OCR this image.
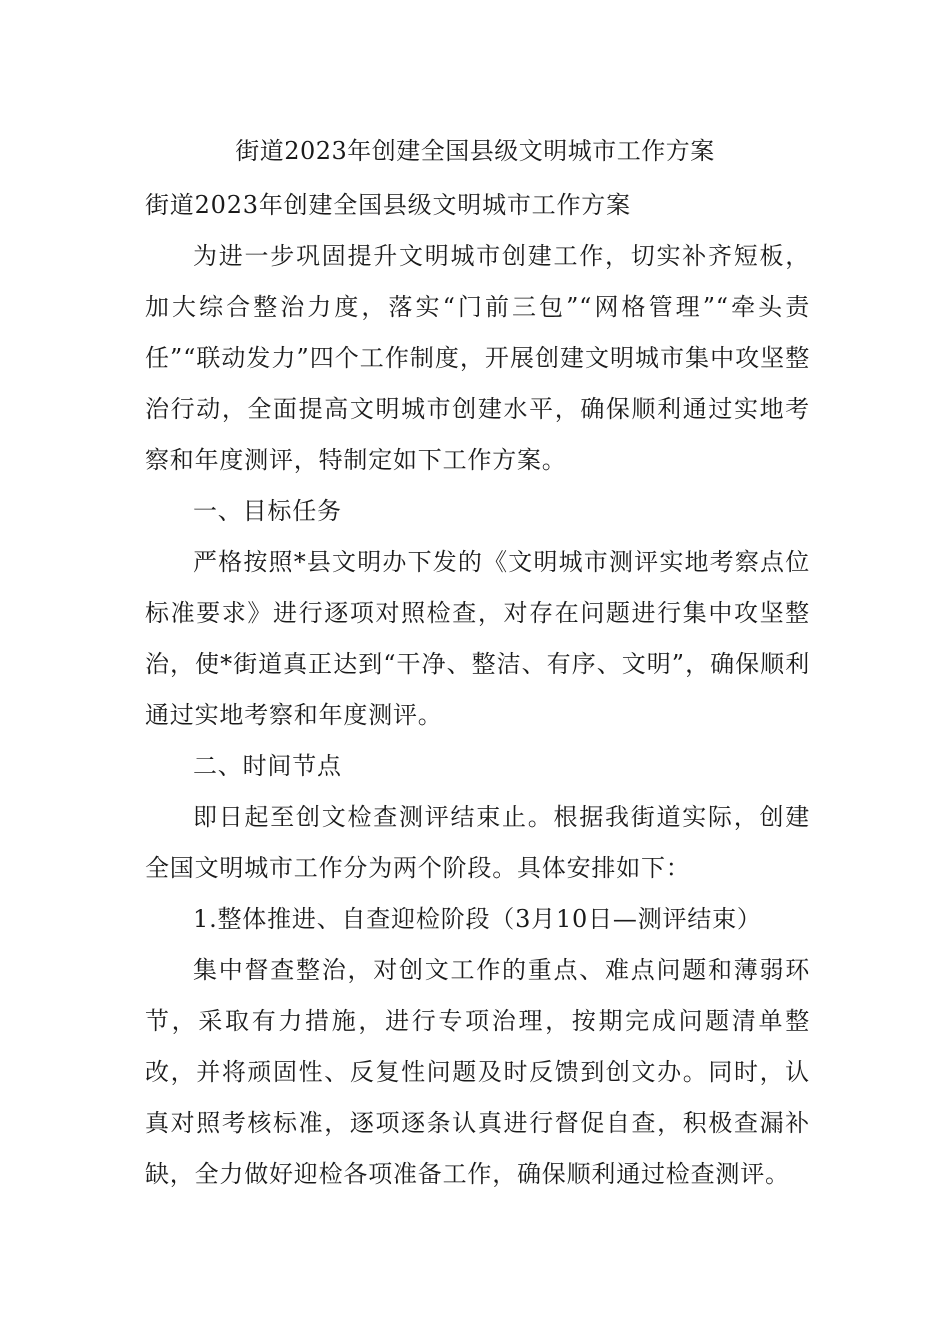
街道2023年创建全国县级文明城市工作方案

街道2023年创建全国县级文明城市工作方案

为进一步巩固提升文明城市创建工作，切实补齐短板，加大综合整治力度，落实“门前三包”“网格管理”“牵头责任”“联动发力”四个工作制度，开展创建文明城市集中攻坚整治行动，全面提高文明城市创建水平，确保顺利通过实地考察和年度测评，特制定如下工作方案。

一、目标任务

严格按照*县文明办下发的《文明城市测评实地考察点位标准要求》进行逐项对照检查，对存在问题进行集中攻坚整治，使*街道真正达到“干净、整洁、有序、文明”，确保顺利通过实地考察和年度测评。

二、时间节点

即日起至创文检查测评结束止。根据我街道实际，创建全国文明城市工作分为两个阶段。具体安排如下：

1.整体推进、自查迎检阶段（3月10日—测评结束）

集中督查整治，对创文工作的重点、难点问题和薄弱环节，采取有力措施，进行专项治理，按期完成问题清单整改，并将顽固性、反复性问题及时反馈到创文办。同时，认真对照考核标准，逐项逐条认真进行督促自查，积极查漏补缺，全力做好迎检各项准备工作，确保顺利通过检查测评。
